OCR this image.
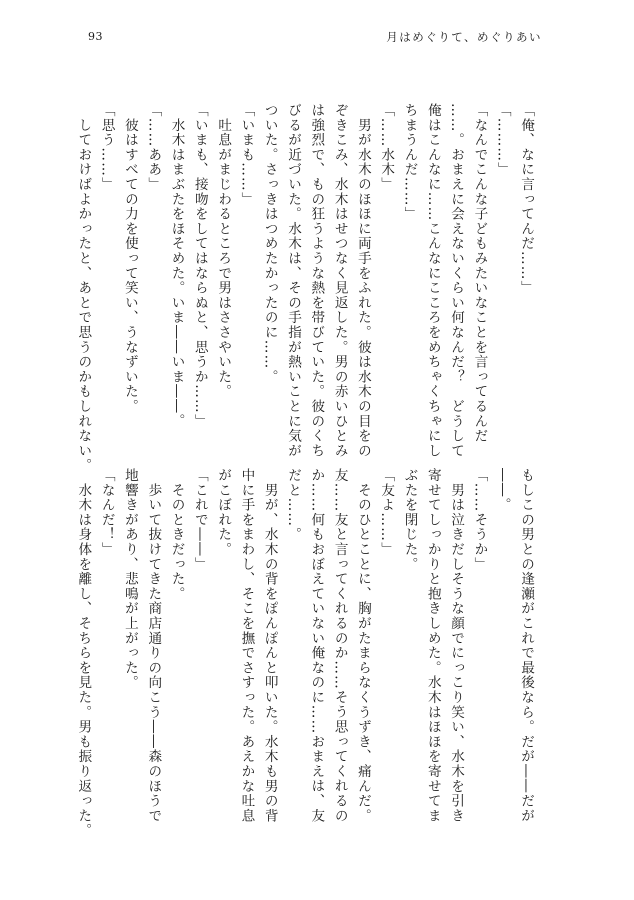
93	月はめぐりて、めぐりあい
「俺、なに言ってんだ……」
「………」
「なんでこんな子どもみたいなことを言ってるんだ
……。おまえに会えないくらい何なんだ？　どうして
俺はこんなに……こんなにこころをめちゃくちゃにし
ちまうんだ……」
「……水木」
　男が水木のほほに両手をふれた。彼は水木の目をの
ぞきこみ、水木はせつなく見返した。男の赤いひとみ
は強烈で、もの狂うような熱を帯びていた。彼のくち
びるが近づいた。水木は、その手指が熱いことに気が
ついた。さっきはつめたかったのに……。
「いまも……」
　吐息がまじわるところで男はささやいた。
「いまも、接吻をしてはならぬと、思うか……」
　水木はまぶたをほそめた。いま――いま――。
「……ああ」
　彼はすべての力を使って笑い、うなずいた。
「思う……」
　しておけばよかったと、あとで思うのかもしれない。
もしこの男との逢瀬がこれで最後なら。だが――だが
――。
「……そうか」
　男は泣きだしそうな顔でにっこり笑い、水木を引き
寄せてしっかりと抱きしめた。水木はほほを寄せてま
ぶたを閉じた。
「友よ……」
　そのひとことに、胸がたまらなくうずき、痛んだ。
友……友と言ってくれるのか……そう思ってくれるの
か……何もおぼえていない俺なのに……おまえは、友
だと……。
　男が、水木の背をぽんぽんと叩いた。水木も男の背
中に手をまわし、そこを撫でさすった。あえかな吐息
がこぼれた。
「これで――」
　そのときだった。
　歩いて抜けてきた商店通りの向こう――森のほうで
地響きがあり、悲鳴が上がった。
「なんだ！」
　水木は身体を離し、そちらを見た。男も振り返った。
